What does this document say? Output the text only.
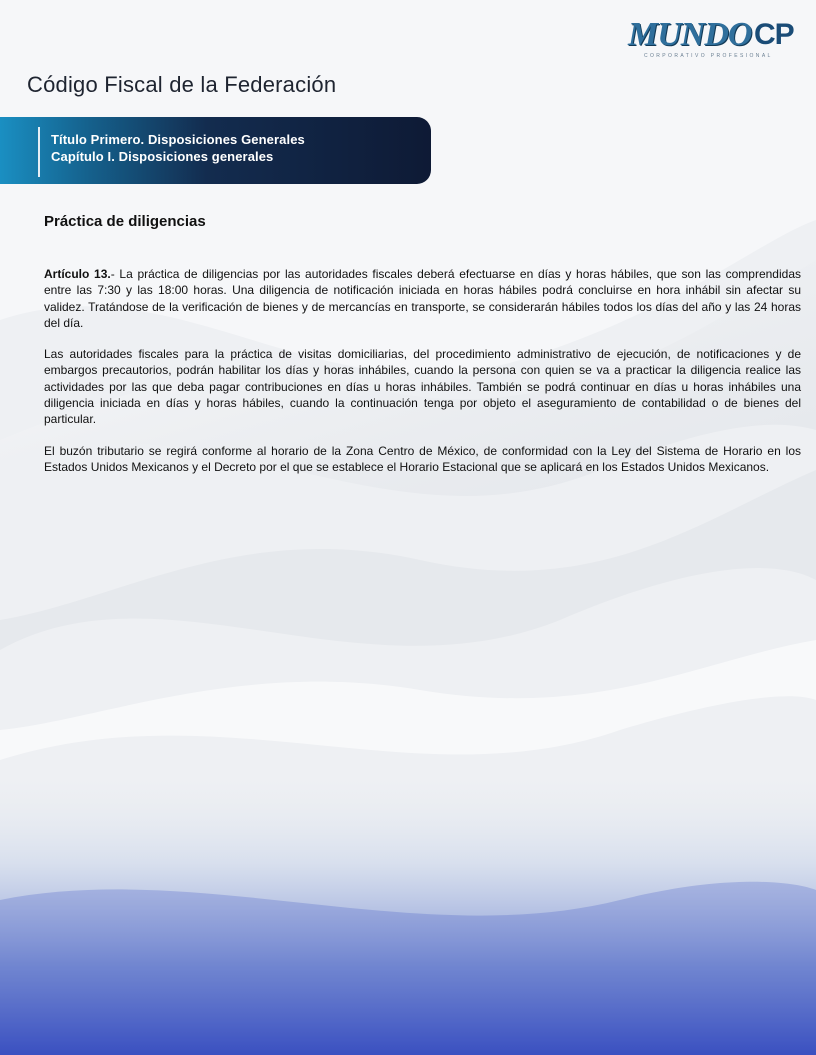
MUNDO CP
CORPORATIVO PROFESIONAL
Código Fiscal de la Federación
Título Primero. Disposiciones Generales
Capítulo I. Disposiciones generales
Práctica de diligencias

Artículo 13.- La práctica de diligencias por las autoridades fiscales deberá efectuarse en días y horas hábiles, que son las comprendidas entre las 7:30 y las 18:00 horas. Una diligencia de notificación iniciada en horas hábiles podrá concluirse en hora inhábil sin afectar su validez. Tratándose de la verificación de bienes y de mercancías en transporte, se considerarán hábiles todos los días del año y las 24 horas del día.

Las autoridades fiscales para la práctica de visitas domiciliarias, del procedimiento administrativo de ejecución, de notificaciones y de embargos precautorios, podrán habilitar los días y horas inhábiles, cuando la persona con quien se va a practicar la diligencia realice las actividades por las que deba pagar contribuciones en días u horas inhábiles. También se podrá continuar en días u horas inhábiles una diligencia iniciada en días y horas hábiles, cuando la continuación tenga por objeto el aseguramiento de contabilidad o de bienes del particular.

El buzón tributario se regirá conforme al horario de la Zona Centro de México, de conformidad con la Ley del Sistema de Horario en los Estados Unidos Mexicanos y el Decreto por el que se establece el Horario Estacional que se aplicará en los Estados Unidos Mexicanos.
